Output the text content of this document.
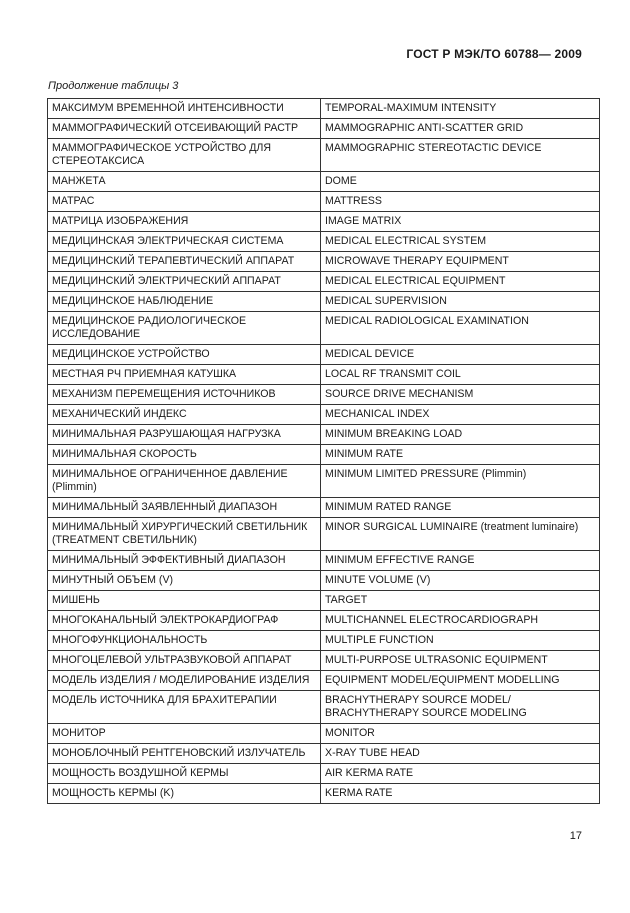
ГОСТ Р МЭК/ТО 60788— 2009
Продолжение таблицы 3
МАКСИМУМ ВРЕМЕННОЙ ИНТЕНСИВНОСТИ	TEMPORAL-MAXIMUM INTENSITY
МАММОГРАФИЧЕСКИЙ ОТСЕИВАЮЩИЙ РАСТР	MAMMOGRAPHIC ANTI-SCATTER GRID
МАММОГРАФИЧЕСКОЕ УСТРОЙСТВО ДЛЯ СТЕРЕОТАКСИСА	MAMMOGRAPHIC STEREOTACTIC DEVICE
МАНЖЕТА	DOME
МАТРАС	MATTRESS
МАТРИЦА ИЗОБРАЖЕНИЯ	IMAGE MATRIX
МЕДИЦИНСКАЯ ЭЛЕКТРИЧЕСКАЯ СИСТЕМА	MEDICAL ELECTRICAL SYSTEM
МЕДИЦИНСКИЙ ТЕРАПЕВТИЧЕСКИЙ АППАРАТ	MICROWAVE THERAPY EQUIPMENT
МЕДИЦИНСКИЙ ЭЛЕКТРИЧЕСКИЙ АППАРАТ	MEDICAL ELECTRICAL EQUIPMENT
МЕДИЦИНСКОЕ НАБЛЮДЕНИЕ	MEDICAL SUPERVISION
МЕДИЦИНСКОЕ РАДИОЛОГИЧЕСКОЕ ИССЛЕДОВАНИЕ	MEDICAL RADIOLOGICAL EXAMINATION
МЕДИЦИНСКОЕ УСТРОЙСТВО	MEDICAL DEVICE
МЕСТНАЯ РЧ ПРИЕМНАЯ КАТУШКА	LOCAL RF TRANSMIT COIL
МЕХАНИЗМ ПЕРЕМЕЩЕНИЯ ИСТОЧНИКОВ	SOURCE DRIVE MECHANISM
МЕХАНИЧЕСКИЙ ИНДЕКС	MECHANICAL INDEX
МИНИМАЛЬНАЯ РАЗРУШАЮЩАЯ НАГРУЗКА	MINIMUM BREAKING LOAD
МИНИМАЛЬНАЯ СКОРОСТЬ	MINIMUM RATE
МИНИМАЛЬНОЕ ОГРАНИЧЕННОЕ ДАВЛЕНИЕ (Plimmin)	MINIMUM LIMITED PRESSURE (Plimmin)
МИНИМАЛЬНЫЙ ЗАЯВЛЕННЫЙ ДИАПАЗОН	MINIMUM RATED RANGE
МИНИМАЛЬНЫЙ ХИРУРГИЧЕСКИЙ СВЕТИЛЬНИК (TREATMENT СВЕТИЛЬНИК)	MINOR SURGICAL LUMINAIRE (treatment luminaire)
МИНИМАЛЬНЫЙ ЭФФЕКТИВНЫЙ ДИАПАЗОН	MINIMUM EFFECTIVE RANGE
МИНУТНЫЙ ОБЪЕМ (V)	MINUTE VOLUME (V)
МИШЕНЬ	TARGET
МНОГОКАНАЛЬНЫЙ ЭЛЕКТРОКАРДИОГРАФ	MULTICHANNEL ELECTROCARDIOGRAPH
МНОГОФУНКЦИОНАЛЬНОСТЬ	MULTIPLE FUNCTION
МНОГОЦЕЛЕВОЙ УЛЬТРАЗВУКОВОЙ АППАРАТ	MULTI-PURPOSE ULTRASONIC EQUIPMENT
МОДЕЛЬ ИЗДЕЛИЯ / МОДЕЛИРОВАНИЕ ИЗДЕЛИЯ	EQUIPMENT MODEL/EQUIPMENT MODELLING
МОДЕЛЬ ИСТОЧНИКА ДЛЯ БРАХИТЕРАПИИ	BRACHYTHERAPY SOURCE MODEL/ BRACHYTHERAPY SOURCE MODELING
МОНИТОР	MONITOR
МОНОБЛОЧНЫЙ РЕНТГЕНОВСКИЙ ИЗЛУЧАТЕЛЬ	X-RAY TUBE HEAD
МОЩНОСТЬ ВОЗДУШНОЙ КЕРМЫ	AIR KERMA RATE
МОЩНОСТЬ КЕРМЫ (K)	KERMA RATE
17
